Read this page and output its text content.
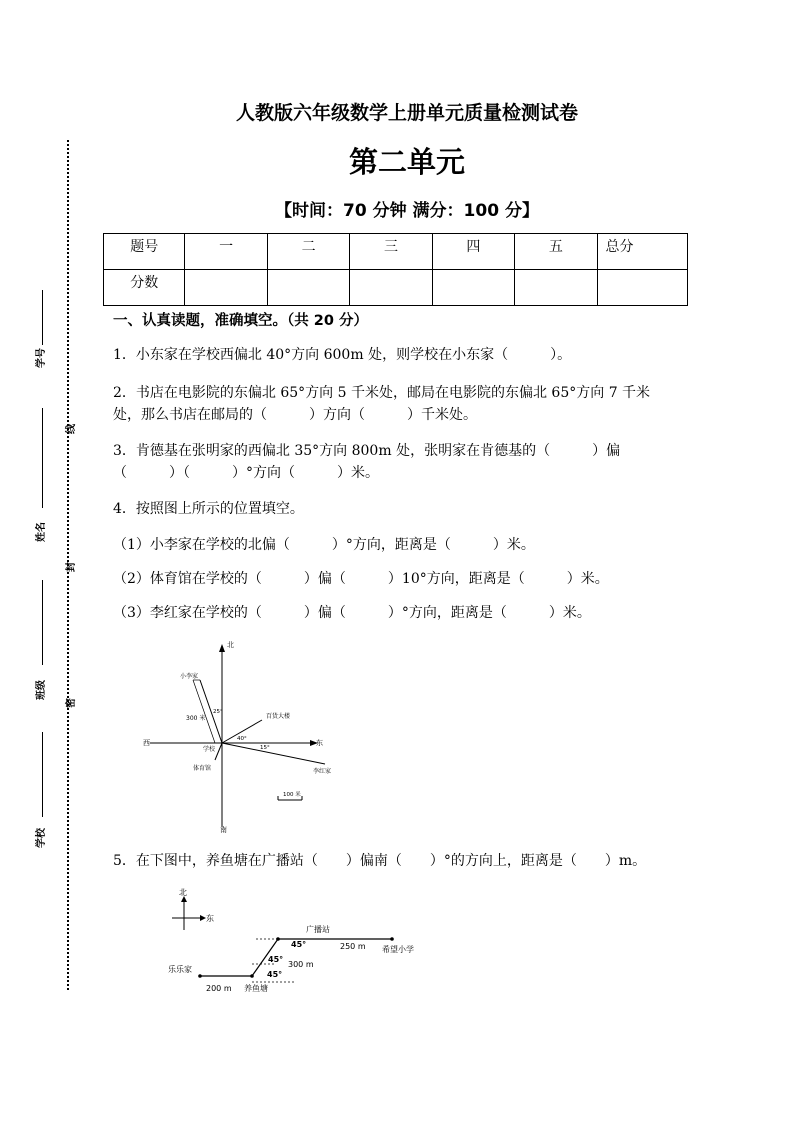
学号
姓名
班级
学校
线
封
密
人教版六年级数学上册单元质量检测试卷
第二单元
【时间：70 分钟 满分：100 分】
题号	一	二	三	四	五	总分
分数						
一、认真读题，准确填空。（共 20 分）
1．小东家在学校西偏北 40°方向 600m 处，则学校在小东家（　　　）。
2．书店在电影院的东偏北 65°方向 5 千米处，邮局在电影院的东偏北 65°方向 7 千米
处，那么书店在邮局的（　　　）方向（　　　）千米处。
3．肯德基在张明家的西偏北 35°方向 800m 处，张明家在肯德基的（　　　）偏
（　　　）（　　　）°方向（　　　）米。
4．按照图上所示的位置填空。
（1）小李家在学校的北偏（　　　）°方向，距离是（　　　）米。
（2）体育馆在学校的（　　　）偏（　　　）10°方向，距离是（　　　）米。
（3）李红家在学校的（　　　）偏（　　　）°方向，距离是（　　　）米。
北
南
东
西
小李家
300 米
25°
百货大楼
40°
李红家
15°
体育馆
学校
100 米
5．在下图中，养鱼塘在广播站（　　）偏南（　　）°的方向上，距离是（　　）m。
北
东
广播站
希望小学
250 m
300 m
200 m
乐乐家
养鱼塘
45°
45°
45°
